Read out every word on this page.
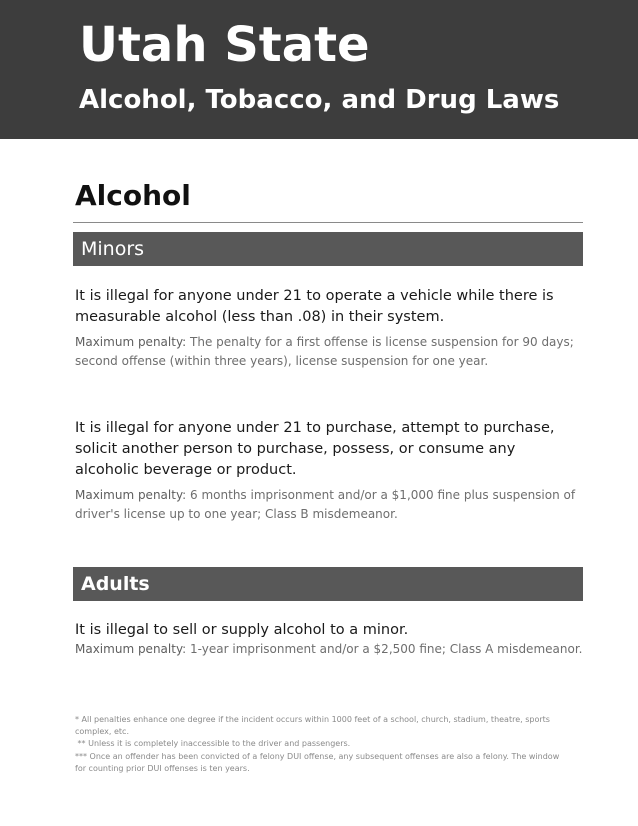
Utah State
Alcohol, Tobacco, and Drug Laws
Alcohol
Minors
It is illegal for anyone under 21 to operate a vehicle while there is measurable alcohol (less than .08) in their system.
Maximum penalty: The penalty for a first offense is license suspension for 90 days; second offense (within three years), license suspension for one year.
It is illegal for anyone under 21 to purchase, attempt to purchase, solicit another person to purchase, possess, or consume any alcoholic beverage or product.
Maximum penalty: 6 months imprisonment and/or a $1,000 fine plus suspension of driver's license up to one year; Class B misdemeanor.
Adults
It is illegal to sell or supply alcohol to a minor.
Maximum penalty: 1-year imprisonment and/or a $2,500 fine; Class A misdemeanor.
* All penalties enhance one degree if the incident occurs within 1000 feet of a school, church, stadium, theatre, sports complex, etc.
** Unless it is completely inaccessible to the driver and passengers.
*** Once an offender has been convicted of a felony DUI offense, any subsequent offenses are also a felony. The window for counting prior DUI offenses is ten years.
